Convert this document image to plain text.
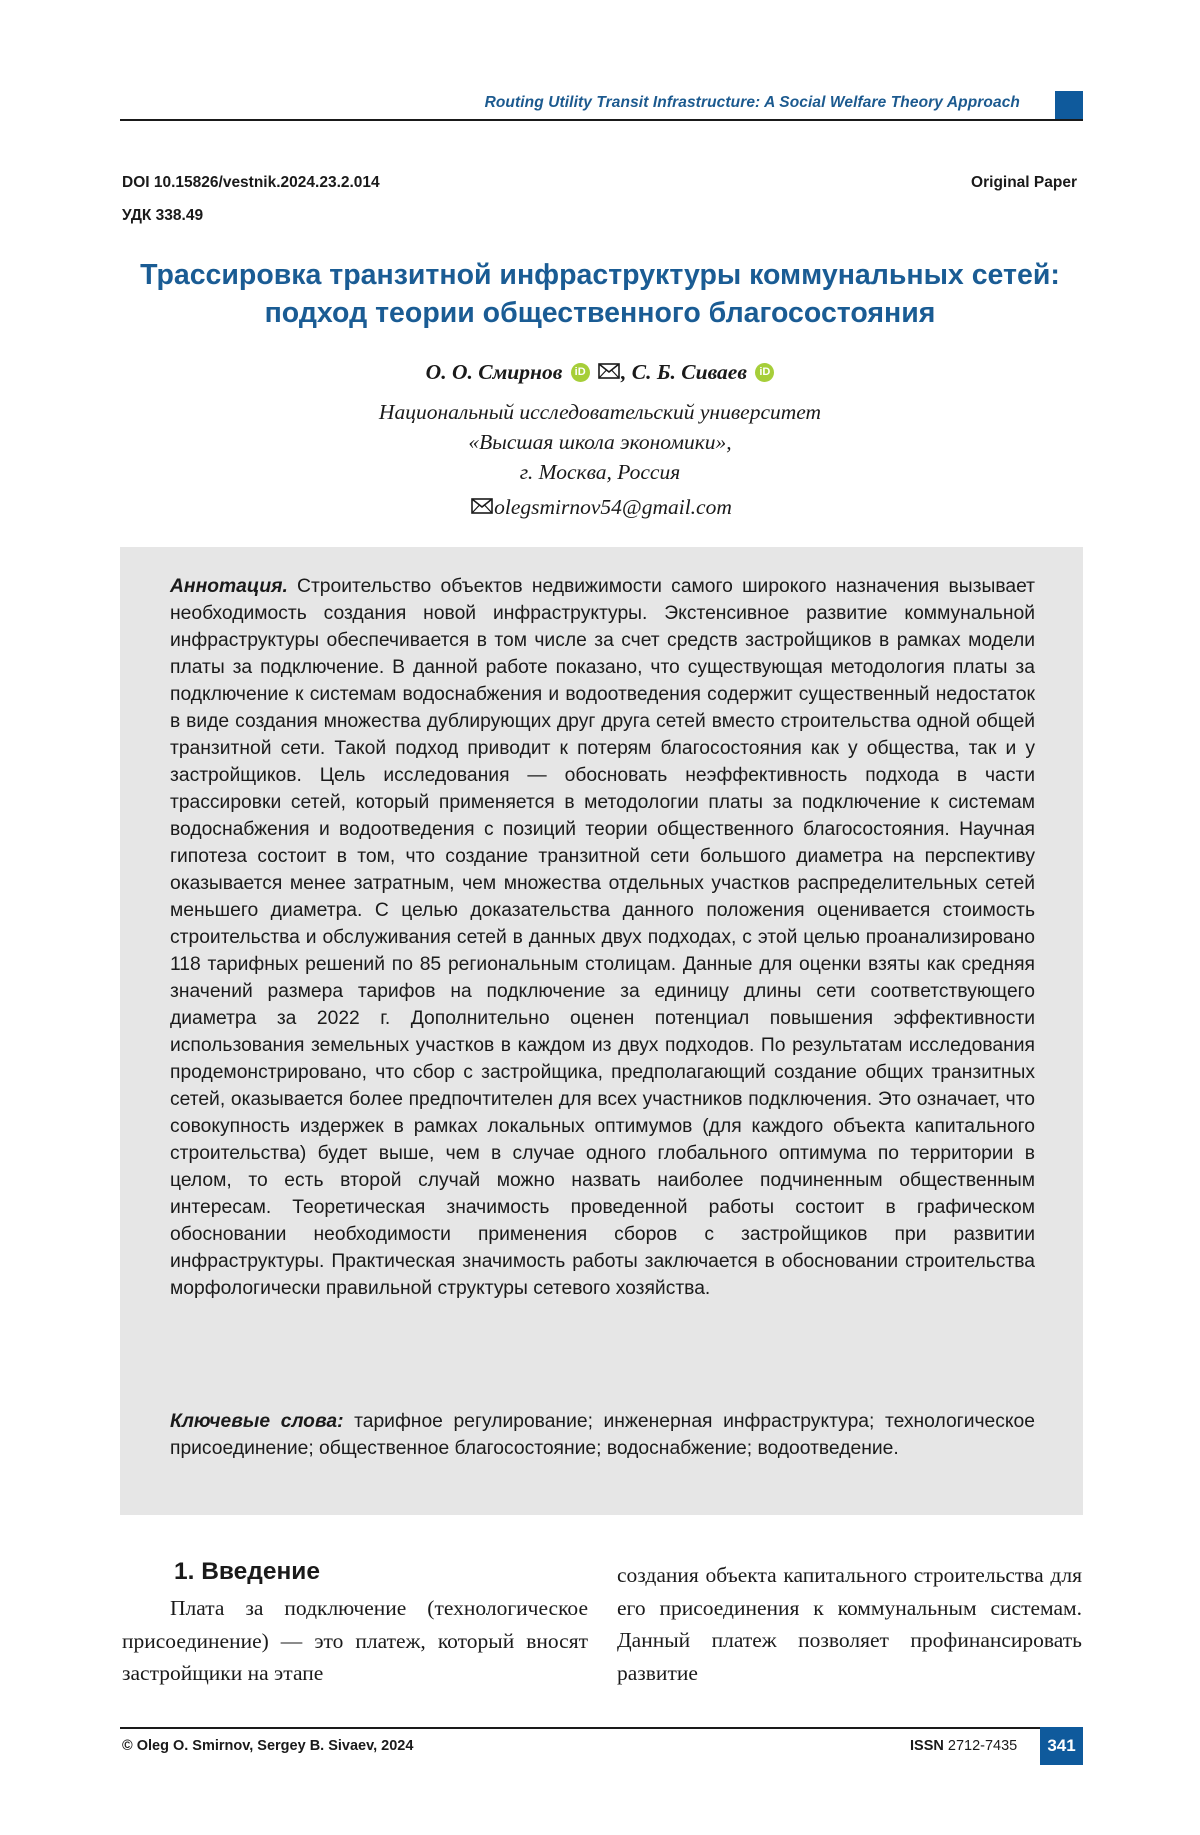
Routing Utility Transit Infrastructure: A Social Welfare Theory Approach
DOI 10.15826/vestnik.2024.23.2.014
УДК 338.49
Original Paper
Трассировка транзитной инфраструктуры коммунальных сетей:
подход теории общественного благосостояния
О. О. Смирнов iD , С. Б. Сиваев iD
Национальный исследовательский университет
«Высшая школа экономики»,
г. Москва, Россия
olegsmirnov54@gmail.com
Аннотация. Строительство объектов недвижимости самого широкого назначения вызывает необходимость создания новой инфраструктуры. Экстенсивное развитие коммунальной инфраструктуры обеспечивается в том числе за счет средств застройщиков в рамках модели платы за подключение. В данной работе показано, что существующая методология платы за подключение к системам водоснабжения и водоотведения содержит существенный недостаток в виде создания множества дублирующих друг друга сетей вместо строительства одной общей транзитной сети. Такой подход приводит к потерям благосостояния как у общества, так и у застройщиков. Цель исследования — обосновать неэффективность подхода в части трассировки сетей, который применяется в методологии платы за подключение к системам водоснабжения и водоотведения с позиций теории общественного благосостояния. Научная гипотеза состоит в том, что создание транзитной сети большого диаметра на перспективу оказывается менее затратным, чем множества отдельных участков распределительных сетей меньшего диаметра. С целью доказательства данного положения оценивается стоимость строительства и обслуживания сетей в данных двух подходах, с этой целью проанализировано 118 тарифных решений по 85 региональным столицам. Данные для оценки взяты как средняя значений размера тарифов на подключение за единицу длины сети соответствующего диаметра за 2022 г. Дополнительно оценен потенциал повышения эффективности использования земельных участков в каждом из двух подходов. По результатам исследования продемонстрировано, что сбор с застройщика, предполагающий создание общих транзитных сетей, оказывается более предпочтителен для всех участников подключения. Это означает, что совокупность издержек в рамках локальных оптимумов (для каждого объекта капитального строительства) будет выше, чем в случае одного глобального оптимума по территории в целом, то есть второй случай можно назвать наиболее подчиненным общественным интересам. Теоретическая значимость проведенной работы состоит в графическом обосновании необходимости применения сборов с застройщиков при развитии инфраструктуры. Практическая значимость работы заключается в обосновании строительства морфологически правильной структуры сетевого хозяйства.
Ключевые слова: тарифное регулирование; инженерная инфраструктура; технологическое присоединение; общественное благосостояние; водоснабжение; водоотведение.
1. Введение
Плата за подключение (технологическое присоединение) — это платеж, который вносят застройщики на этапе
создания объекта капитального строительства для его присоединения к коммунальным системам. Данный платеж позволяет профинансировать развитие
© Oleg O. Smirnov, Sergey B. Sivaev, 2024	ISSN 2712-7435	341
